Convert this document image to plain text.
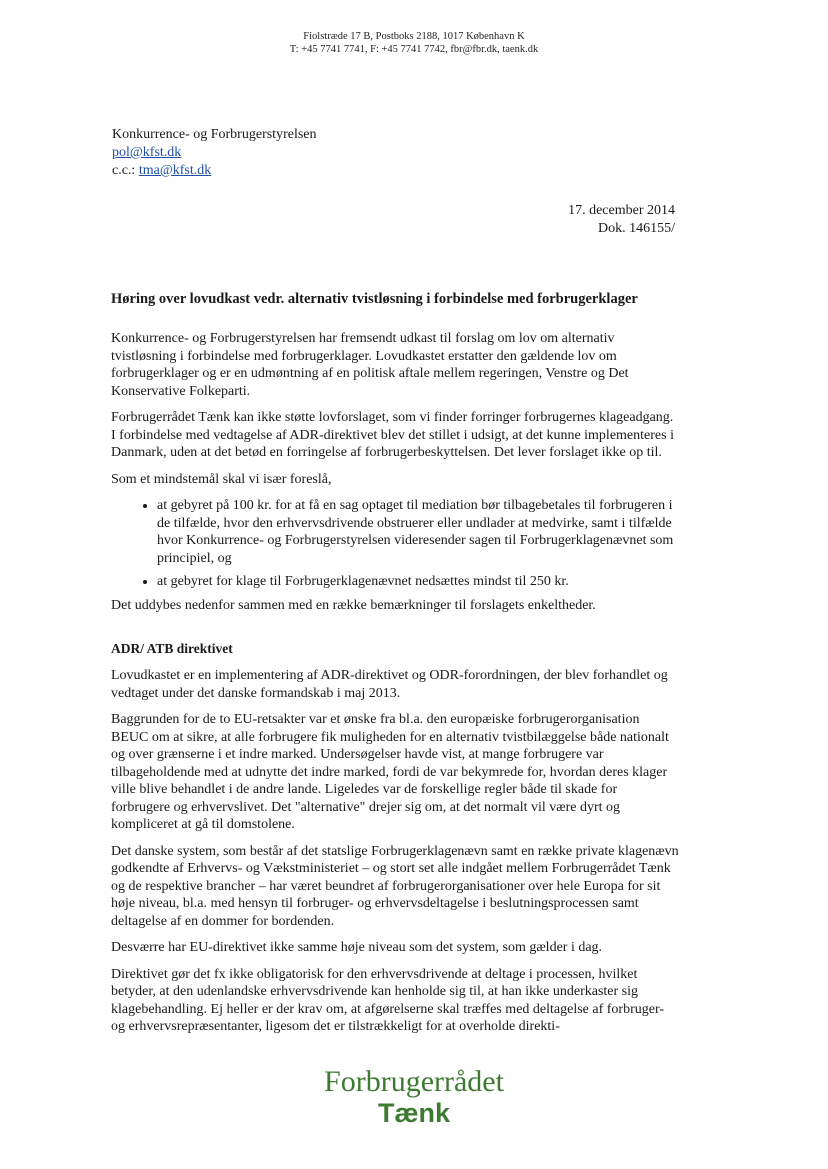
Fiolstræde 17 B, Postboks 2188, 1017 København K
T: +45 7741 7741, F: +45 7741 7742, fbr@fbr.dk, taenk.dk
Konkurrence- og Forbrugerstyrelsen
pol@kfst.dk
c.c.: tma@kfst.dk
17. december 2014
Dok. 146155/
Høring over lovudkast vedr. alternativ tvistløsning i forbindelse med forbrugerklager

Konkurrence- og Forbrugerstyrelsen har fremsendt udkast til forslag om lov om alternativ tvistløsning i forbindelse med forbrugerklager. Lovudkastet erstatter den gældende lov om forbrugerklager og er en udmøntning af en politisk aftale mellem regeringen, Venstre og Det Konservative Folkeparti.

Forbrugerrådet Tænk kan ikke støtte lovforslaget, som vi finder forringer forbrugernes klageadgang. I forbindelse med vedtagelse af ADR-direktivet blev det stillet i udsigt, at det kunne implementeres i Danmark, uden at det betød en forringelse af forbrugerbeskyttelsen. Det lever forslaget ikke op til.

Som et mindstemål skal vi især foreslå,

• at gebyret på 100 kr. for at få en sag optaget til mediation bør tilbagebetales til forbrugeren i de tilfælde, hvor den erhvervsdrivende obstruerer eller undlader at medvirke, samt i tilfælde hvor Konkurrence- og Forbrugerstyrelsen videresender sagen til Forbrugerklagenævnet som principiel, og
• at gebyret for klage til Forbrugerklagenævnet nedsættes mindst til 250 kr.

Det uddybes nedenfor sammen med en række bemærkninger til forslagets enkeltheder.

ADR/ ATB direktivet

Lovudkastet er en implementering af ADR-direktivet og ODR-forordningen, der blev forhandlet og vedtaget under det danske formandskab i maj 2013.

Baggrunden for de to EU-retsakter var et ønske fra bl.a. den europæiske forbrugerorganisation BEUC om at sikre, at alle forbrugere fik muligheden for en alternativ tvistbilæggelse både nationalt og over grænserne i et indre marked. Undersøgelser havde vist, at mange forbrugere var tilbageholdende med at udnytte det indre marked, fordi de var bekymrede for, hvordan deres klager ville blive behandlet i de andre lande. Ligeledes var de forskellige regler både til skade for forbrugere og erhvervslivet. Det "alternative" drejer sig om, at det normalt vil være dyrt og kompliceret at gå til domstolene.

Det danske system, som består af det statslige Forbrugerklagenævn samt en række private klagenævn godkendte af Erhvervs- og Vækstministeriet – og stort set alle indgået mellem Forbrugerrådet Tænk og de respektive brancher – har været beundret af forbrugerorganisationer over hele Europa for sit høje niveau, bl.a. med hensyn til forbruger- og erhvervsdeltagelse i beslutningsprocessen samt deltagelse af en dommer for bordenden.

Desværre har EU-direktivet ikke samme høje niveau som det system, som gælder i dag.

Direktivet gør det fx ikke obligatorisk for den erhvervsdrivende at deltage i processen, hvilket betyder, at den udenlandske erhvervsdrivende kan henholde sig til, at han ikke underkaster sig klagebehandling. Ej heller er der krav om, at afgørelserne skal træffes med deltagelse af forbruger- og erhvervsrepræsentanter, ligesom det er tilstrækkeligt for at overholde direkti-

Forbrugerrådet
Tænk
